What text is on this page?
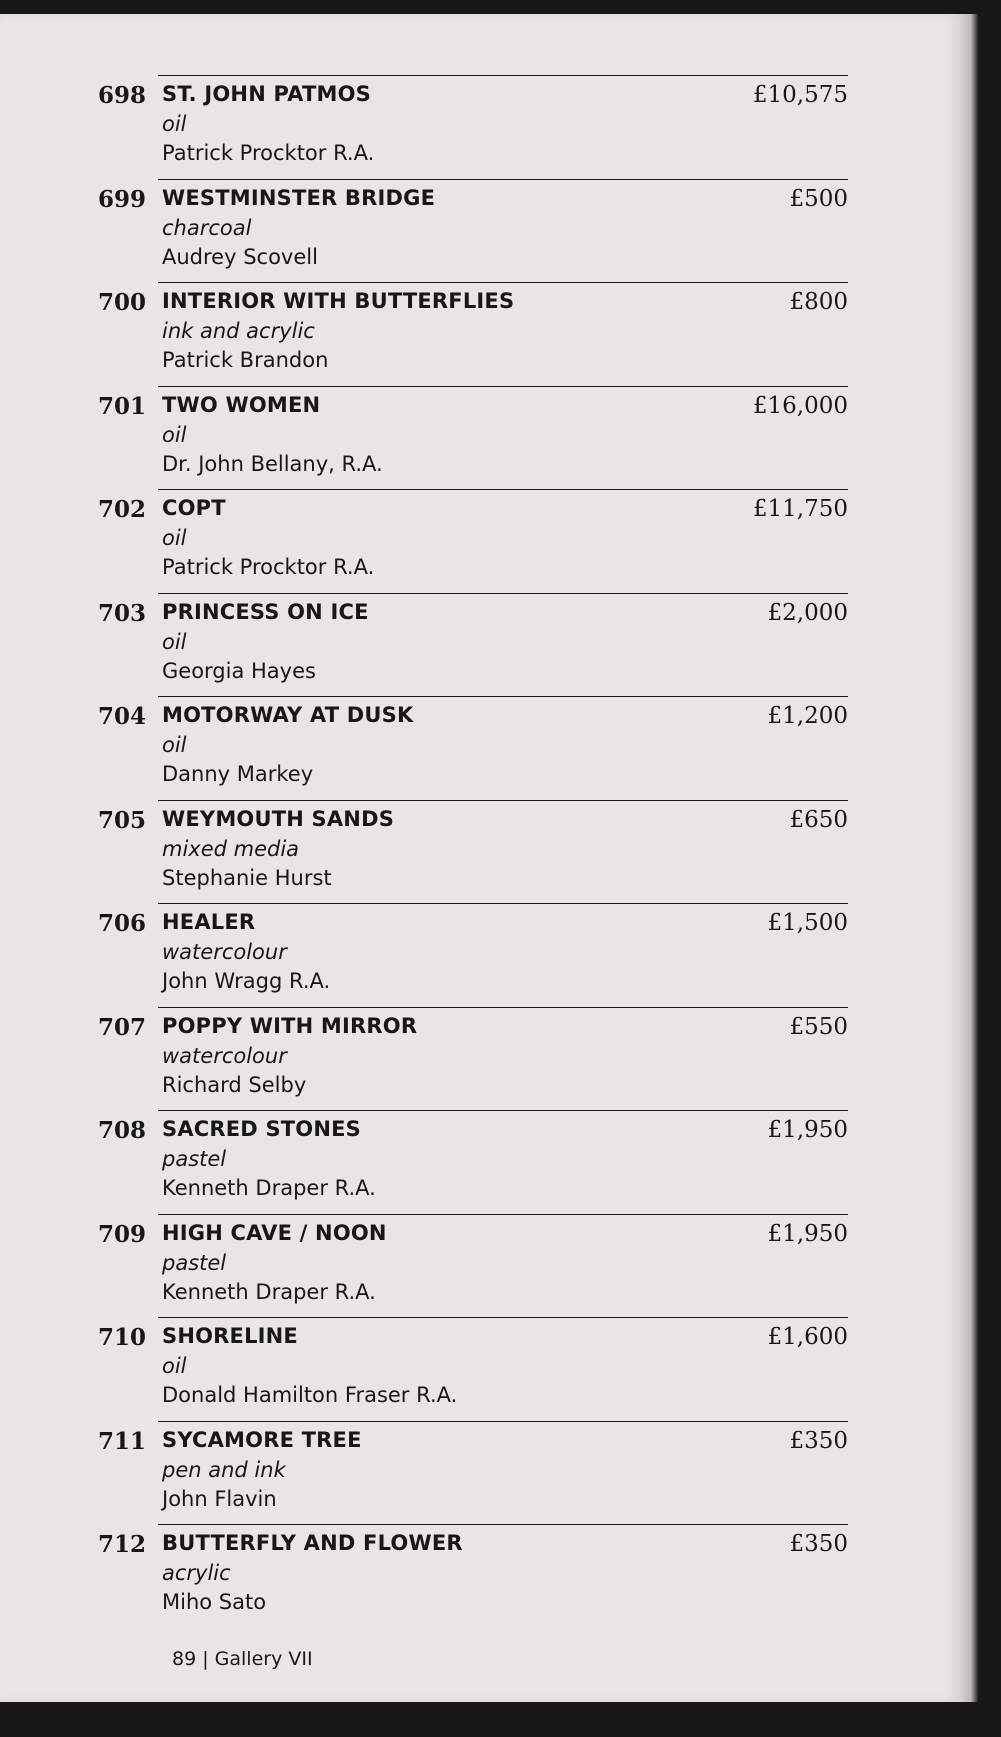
698 ST. JOHN PATMOS
oil
Patrick Procktor R.A.
£10,575
699 WESTMINSTER BRIDGE
charcoal
Audrey Scovell
£500
700 INTERIOR WITH BUTTERFLIES
ink and acrylic
Patrick Brandon
£800
701 TWO WOMEN
oil
Dr. John Bellany, R.A.
£16,000
702 COPT
oil
Patrick Procktor R.A.
£11,750
703 PRINCESS ON ICE
oil
Georgia Hayes
£2,000
704 MOTORWAY AT DUSK
oil
Danny Markey
£1,200
705 WEYMOUTH SANDS
mixed media
Stephanie Hurst
£650
706 HEALER
watercolour
John Wragg R.A.
£1,500
707 POPPY WITH MIRROR
watercolour
Richard Selby
£550
708 SACRED STONES
pastel
Kenneth Draper R.A.
£1,950
709 HIGH CAVE / NOON
pastel
Kenneth Draper R.A.
£1,950
710 SHORELINE
oil
Donald Hamilton Fraser R.A.
£1,600
711 SYCAMORE TREE
pen and ink
John Flavin
£350
712 BUTTERFLY AND FLOWER
acrylic
Miho Sato
£350
89 | Gallery VII
